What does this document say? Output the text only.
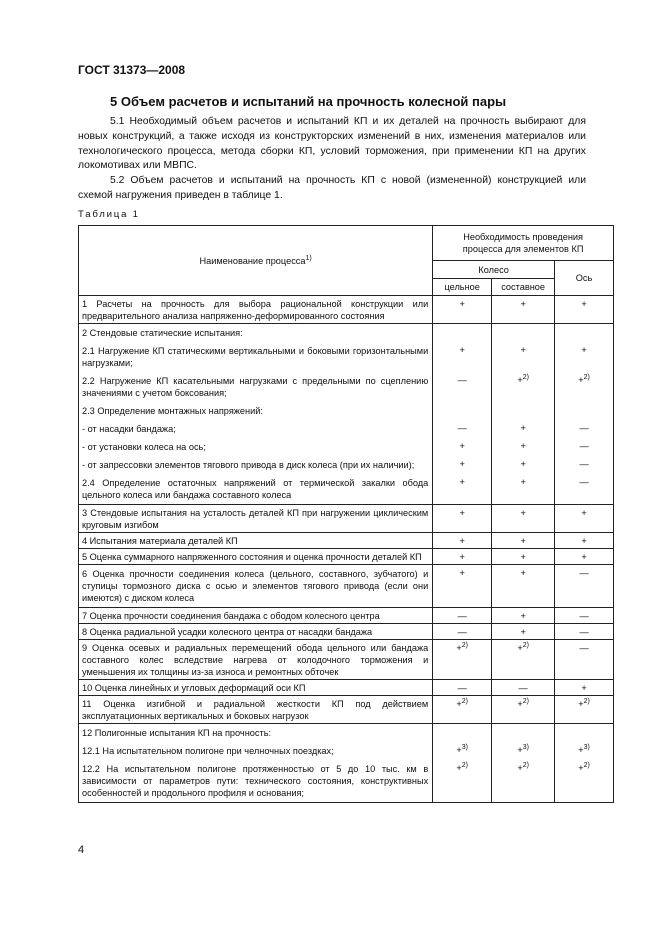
ГОСТ 31373—2008
5 Объем расчетов и испытаний на прочность колесной пары
5.1 Необходимый объем расчетов и испытаний КП и их деталей на прочность выбирают для новых конструкций, а также исходя из конструкторских изменений в них, изменения материалов или технологического процесса, метода сборки КП, условий торможения, при применении КП на других локомотивах или МВПС.
5.2 Объем расчетов и испытаний на прочность КП с новой (измененной) конструкцией или схемой нагружения приведен в таблице 1.
Таблица 1
Наименование процесса$^{1)}$	Необходимость проведения процесса для элементов КП		
	Колесо		Ось
	цельное	составное	
1 Расчеты на прочность для выбора рациональной конструкции или предварительного анализа напряженно-деформированного состояния	+	+	+
2 Стендовые статические испытания:			
2.1 Нагружение КП статическими вертикальными и боковыми горизонтальными нагрузками;	+	+	+
2.2 Нагружение КП касательными нагрузками с предельными по сцеплению значениями с учетом боксования;	—	+$^{2)}$	+$^{2)}$
2.3 Определение монтажных напряжений:			
- от насадки бандажа;	—	+	—
- от установки колеса на ось;	+	+	—
- от запрессовки элементов тягового привода в диск колеса (при их наличии);	+	+	—
2.4 Определение остаточных напряжений от термической закалки обода цельного колеса или бандажа составного колеса	+	+	—
3 Стендовые испытания на усталость деталей КП при нагружении циклическим круговым изгибом	+	+	+
4 Испытания материала деталей КП	+	+	+
5 Оценка суммарного напряженного состояния и оценка прочности деталей КП	+	+	+
6 Оценка прочности соединения колеса (цельного, составного, зубчатого) и ступицы тормозного диска с осью и элементов тягового привода (если они имеются) с диском колеса	+	+	—
7 Оценка прочности соединения бандажа с ободом колесного центра	—	+	—
8 Оценка радиальной усадки колесного центра от насадки бандажа	—	+	—
9 Оценка осевых и радиальных перемещений обода цельного или бандажа составного колес вследствие нагрева от колодочного торможения и уменьшения их толщины из-за износа и ремонтных обточек	+$^{2)}$	+$^{2)}$	—
10 Оценка линейных и угловых деформаций оси КП	—	—	+
11 Оценка изгибной и радиальной жесткости КП под действием эксплуатационных вертикальных и боковых нагрузок	+$^{2)}$	+$^{2)}$	+$^{2)}$
12 Полигонные испытания КП на прочность:			
12.1 На испытательном полигоне при челночных поездках;	+$^{3)}$	+$^{3)}$	+$^{3)}$
12.2 На испытательном полигоне протяженностью от 5 до 10 тыс. км в зависимости от параметров пути: технического состояния, конструктивных особенностей и продольного профиля и основания;	+$^{2)}$	+$^{2)}$	+$^{2)}$
4
